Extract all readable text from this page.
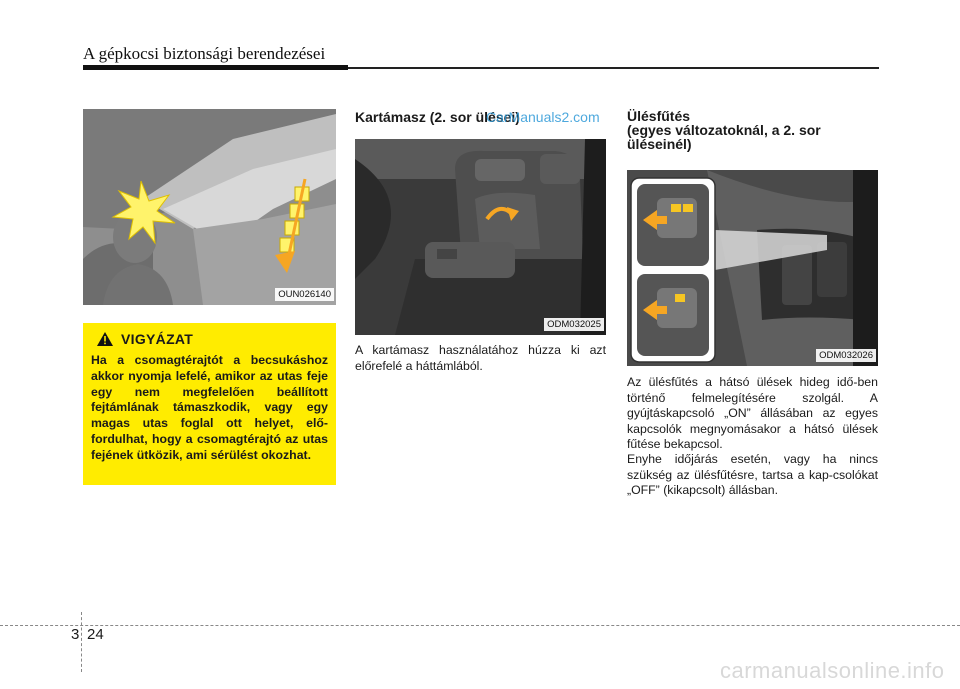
A gépkocsi biztonsági berendezései
OUN026140
VIGYÁZAT
Ha a csomagtérajtót a becsukáshoz akkor nyomja lefelé, amikor az utas feje egy nem megfelelően beállított fejtámlának támaszkodik, vagy egy magas utas foglal ott helyet, elő-fordulhat, hogy a csomagtérajtó az utas fejének ütközik, ami sérülést okozhat.
Kartámasz (2. sor ülései)
CarManuals2.com
ODM032025
A kartámasz használatához húzza ki azt előrefelé a háttámlából.
Ülésfűtés
(egyes változatoknál, a 2. sor
üléseinél)
ODM032026
Az ülésfűtés a hátsó ülések hideg idő-ben történő felmelegítésére szolgál. A gyújtáskapcsoló „ON” állásában az egyes kapcsolók megnyomásakor a hátsó ülések fűtése bekapcsol.
Enyhe időjárás esetén, vagy ha nincs szükség az ülésfűtésre, tartsa a kap-csolókat „OFF” (kikapcsolt) állásban.
3 24
carmanualsonline.info
